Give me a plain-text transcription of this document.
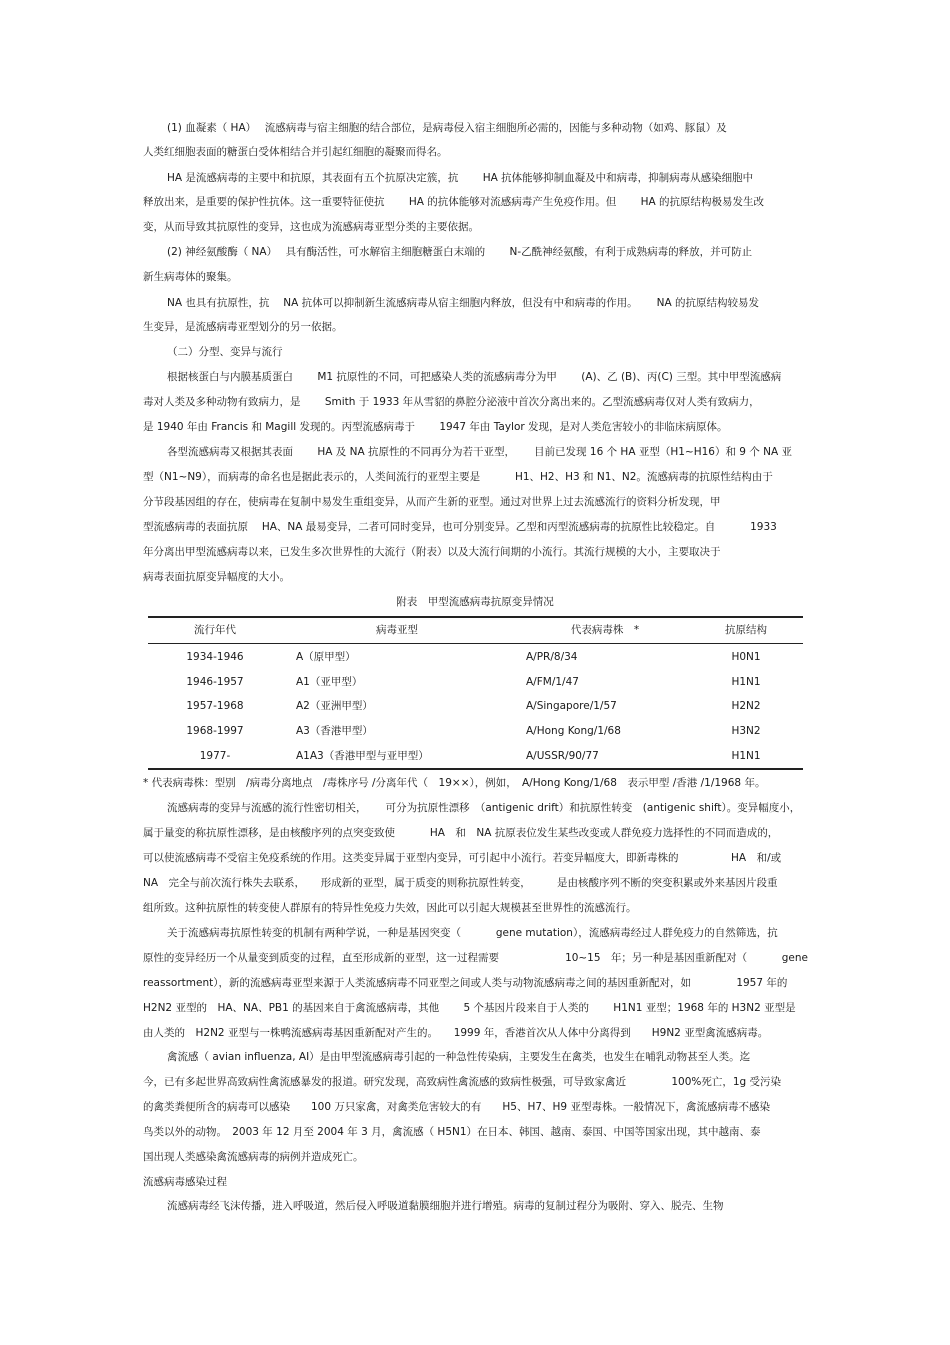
(1) 血凝素（ HA）　 流感病毒与宿主细胞的结合部位，是病毒侵入宿主细胞所必需的，因能与多种动物（如鸡、豚鼠）及

人类红细胞表面的糖蛋白受体相结合并引起红细胞的凝聚而得名。

HA 是流感病毒的主要中和抗原，其表面有五个抗原决定簇，抗　　 HA 抗体能够抑制血凝及中和病毒，抑制病毒从感染细胞中

释放出来，是重要的保护性抗体。这一重要特征使抗　　 HA 的抗体能够对流感病毒产生免疫作用。但　　 HA 的抗原结构极易发生改

变，从而导致其抗原性的变异，这也成为流感病毒亚型分类的主要依据。

(2) 神经氨酸酶（ NA）　 具有酶活性，可水解宿主细胞糖蛋白末端的　　 N-乙酰神经氨酸，有利于成熟病毒的释放，并可防止

新生病毒体的聚集。

NA 也具有抗原性，抗　 NA 抗体可以抑制新生流感病毒从宿主细胞内释放，但没有中和病毒的作用。　　 NA 的抗原结构较易发

生变异，是流感病毒亚型划分的另一依据。

（二）分型、变异与流行

根据核蛋白与内膜基质蛋白　　 M1 抗原性的不同，可把感染人类的流感病毒分为甲　　 (A)、乙 (B)、丙(C) 三型。其中甲型流感病

毒对人类及多种动物有致病力，是　　 Smith 于 1933 年从雪貂的鼻腔分泌液中首次分离出来的。乙型流感病毒仅对人类有致病力，

是 1940 年由 Francis 和 Magill 发现的。丙型流感病毒于　　 1947 年由 Taylor 发现，是对人类危害较小的非临床病原体。

各型流感病毒又根据其表面　　 HA 及 NA 抗原性的不同再分为若干亚型，　　 目前已发现 16 个 HA 亚型（H1~H16）和 9 个 NA 亚

型（N1~N9），而病毒的命名也是据此表示的，人类间流行的亚型主要是　　　 H1、H2、H3 和 N1、N2。流感病毒的抗原性结构由于

分节段基因组的存在，使病毒在复制中易发生重组变异，从而产生新的亚型。通过对世界上过去流感流行的资料分析发现，甲

型流感病毒的表面抗原　 HA、NA 最易变异，二者可同时变异，也可分别变异。乙型和丙型流感病毒的抗原性比较稳定。自　　　 1933

年分离出甲型流感病毒以来，已发生多次世界性的大流行（附表）以及大流行间期的小流行。其流行规模的大小，主要取决于

病毒表面抗原变异幅度的大小。

附表　甲型流感病毒抗原变异情况

流行年代	病毒亚型	代表病毒株　*	抗原结构
1934-1946	A（原甲型）	A/PR/8/34	H0N1
1946-1957	A1（亚甲型）	A/FM/1/47	H1N1
1957-1968	A2（亚洲甲型）	A/Singapore/1/57	H2N2
1968-1997	A3（香港甲型）	A/Hong Kong/1/68	H3N2
1977-	A1A3（香港甲型与亚甲型）	A/USSR/90/77	H1N1

* 代表病毒株：型别　/病毒分离地点　/毒株序号 /分离年代（　19××），例如，　A/Hong Kong/1/68　表示甲型 /香港 /1/1968 年。

流感病毒的变异与流感的流行性密切相关，　　 可分为抗原性漂移　（antigenic drift）和抗原性转变　(antigenic shift）。变异幅度小，

属于量变的称抗原性漂移，是由核酸序列的点突变致使　　　 HA　和　NA 抗原表位发生某些改变或人群免疫力选择性的不同而造成的，

可以使流感病毒不受宿主免疫系统的作用。这类变异属于亚型内变异，可引起中小流行。若变异幅度大，即新毒株的　　　　　HA　和/或

NA　完全与前次流行株失去联系，　　形成新的亚型，属于质变的则称抗原性转变，　　　是由核酸序列不断的突变积累或外来基因片段重

组所致。这种抗原性的转变使人群原有的特异性免疫力失效，因此可以引起大规模甚至世界性的流感流行。

关于流感病毒抗原性转变的机制有两种学说，一种是基因突变（　　　 gene mutation），流感病毒经过人群免疫力的自然筛选，抗

原性的变异经历一个从量变到质变的过程，直至形成新的亚型，这一过程需要　　　　　　 10~15　年；另一种是基因重新配对（　　　 gene

reassortment），新的流感病毒亚型来源于人类流感病毒不同亚型之间或人类与动物流感病毒之间的基因重新配对，如　　　　 1957 年的

H2N2 亚型的　HA、NA、PB1 的基因来自于禽流感病毒，其他　　 5 个基因片段来自于人类的　　 H1N1 亚型；1968 年的 H3N2 亚型是

由人类的　H2N2 亚型与一株鸭流感病毒基因重新配对产生的。　　1999 年，香港首次从人体中分离得到　　H9N2 亚型禽流感病毒。

禽流感（ avian influenza, AI）是由甲型流感病毒引起的一种急性传染病，主要发生在禽类，也发生在哺乳动物甚至人类。迄

今，已有多起世界高致病性禽流感暴发的报道。研究发现，高致病性禽流感的致病性极强，可导致家禽近　　　　 100%死亡，1g 受污染

的禽类粪便所含的病毒可以感染　　100 万只家禽，对禽类危害较大的有　　H5、H7、H9 亚型毒株。一般情况下，禽流感病毒不感染

鸟类以外的动物。　2003 年 12 月至 2004 年 3 月，禽流感（ H5N1）在日本、韩国、越南、泰国、中国等国家出现，其中越南、泰

国出现人类感染禽流感病毒的病例并造成死亡。

流感病毒感染过程

流感病毒经飞沫传播，进入呼吸道，然后侵入呼吸道黏膜细胞并进行增殖。病毒的复制过程分为吸附、穿入、脱壳、生物
